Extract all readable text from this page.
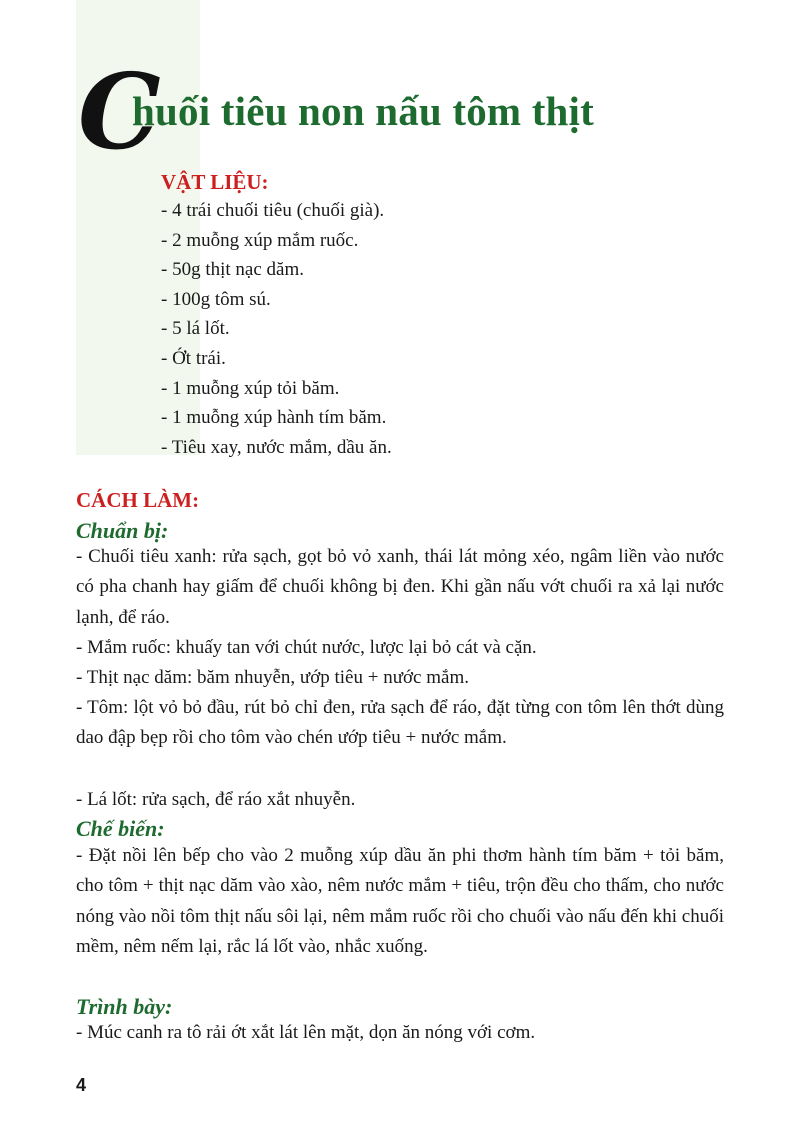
C
huối tiêu non nấu tôm thịt
VẬT LIỆU:
- 4 trái chuối tiêu (chuối già).
- 2 muỗng xúp mắm ruốc.
- 50g thịt nạc dăm.
- 100g tôm sú.
- 5 lá lốt.
- Ớt trái.
- 1 muỗng xúp tỏi băm.
- 1 muỗng xúp hành tím băm.
- Tiêu xay, nước mắm, dầu ăn.
CÁCH LÀM:
Chuẩn bị:

- Chuối tiêu xanh: rửa sạch, gọt bỏ vỏ xanh, thái lát mỏng xéo, ngâm liền vào nước có pha chanh hay giấm để chuối không bị đen. Khi gần nấu vớt chuối ra xả lại nước lạnh, để ráo.

- Mắm ruốc: khuấy tan với chút nước, lược lại bỏ cát và cặn.

- Thịt nạc dăm: băm nhuyễn, ướp tiêu + nước mắm.

- Tôm: lột vỏ bỏ đầu, rút bỏ chỉ đen, rửa sạch để ráo, đặt từng con tôm lên thớt dùng dao đập bẹp rồi cho tôm vào chén ướp tiêu + nước mắm.

- Lá lốt: rửa sạch, để ráo xắt nhuyễn.

Chế biến:

- Đặt nồi lên bếp cho vào 2 muỗng xúp dầu ăn phi thơm hành tím băm + tỏi băm, cho tôm + thịt nạc dăm vào xào, nêm nước mắm + tiêu, trộn đều cho thấm, cho nước nóng vào nồi tôm thịt nấu sôi lại, nêm mắm ruốc rồi cho chuối vào nấu đến khi chuối mềm, nêm nếm lại, rắc lá lốt vào, nhắc xuống.

Trình bày:

- Múc canh ra tô rải ớt xắt lát lên mặt, dọn ăn nóng với cơm.

4
